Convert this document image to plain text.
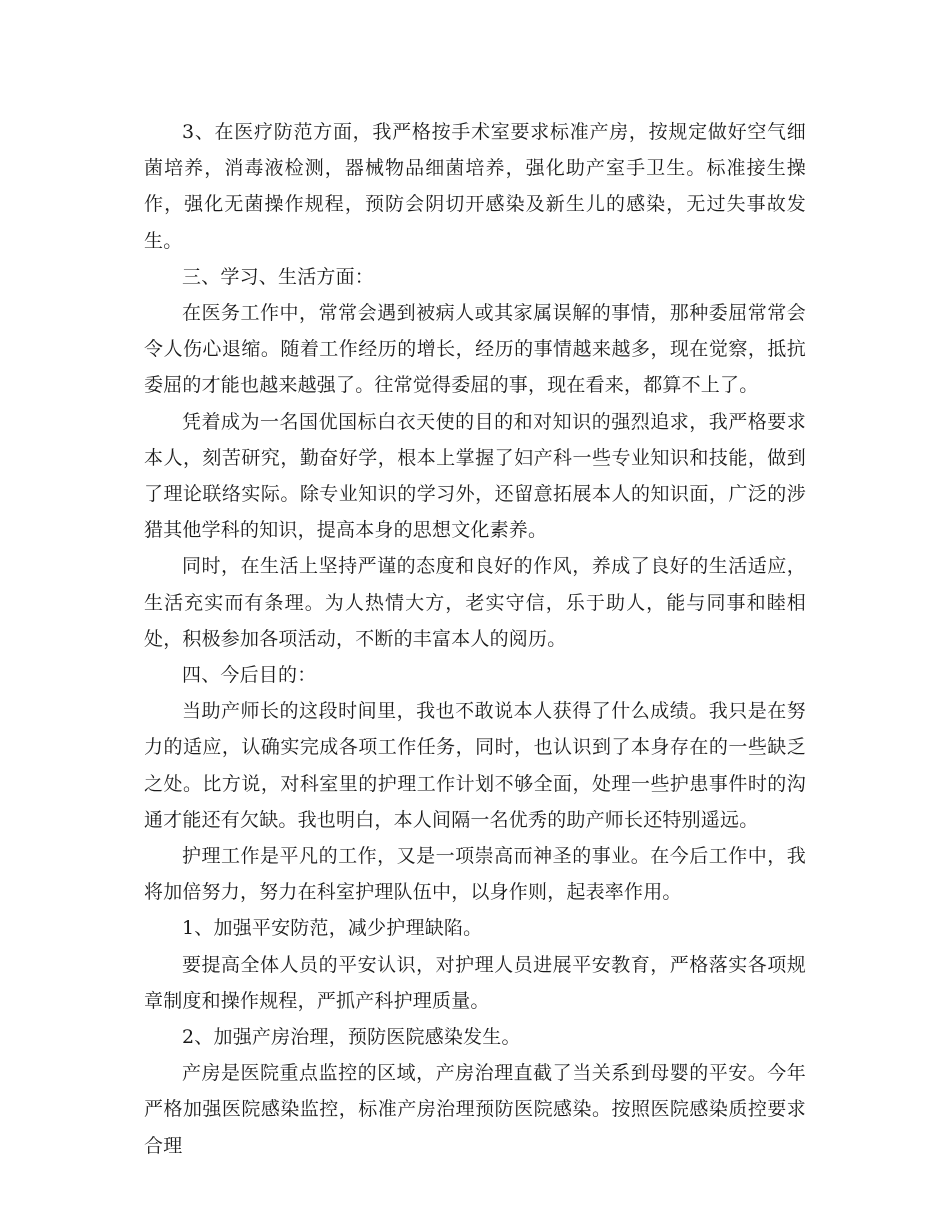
3、在医疗防范方面，我严格按手术室要求标准产房，按规定做好空气细菌培养，消毒液检测，器械物品细菌培养，强化助产室手卫生。标准接生操作，强化无菌操作规程，预防会阴切开感染及新生儿的感染，无过失事故发生。

三、学习、生活方面：

在医务工作中，常常会遇到被病人或其家属误解的事情，那种委屈常常会令人伤心退缩。随着工作经历的增长，经历的事情越来越多，现在觉察，抵抗委屈的才能也越来越强了。往常觉得委屈的事，现在看来，都算不上了。

凭着成为一名国优国标白衣天使的目的和对知识的强烈追求，我严格要求本人，刻苦研究，勤奋好学，根本上掌握了妇产科一些专业知识和技能，做到了理论联络实际。除专业知识的学习外，还留意拓展本人的知识面，广泛的涉猎其他学科的知识，提高本身的思想文化素养。

同时，在生活上坚持严谨的态度和良好的作风，养成了良好的生活适应，生活充实而有条理。为人热情大方，老实守信，乐于助人，能与同事和睦相处，积极参加各项活动，不断的丰富本人的阅历。

四、今后目的：

当助产师长的这段时间里，我也不敢说本人获得了什么成绩。我只是在努力的适应，认确实完成各项工作任务，同时，也认识到了本身存在的一些缺乏之处。比方说，对科室里的护理工作计划不够全面，处理一些护患事件时的沟通才能还有欠缺。我也明白，本人间隔一名优秀的助产师长还特别遥远。

护理工作是平凡的工作，又是一项崇高而神圣的事业。在今后工作中，我将加倍努力，努力在科室护理队伍中，以身作则，起表率作用。

1、加强平安防范，减少护理缺陷。

要提高全体人员的平安认识，对护理人员进展平安教育，严格落实各项规章制度和操作规程，严抓产科护理质量。

2、加强产房治理，预防医院感染发生。

产房是医院重点监控的区域，产房治理直截了当关系到母婴的平安。今年严格加强医院感染监控，标准产房治理预防医院感染。按照医院感染质控要求合理
